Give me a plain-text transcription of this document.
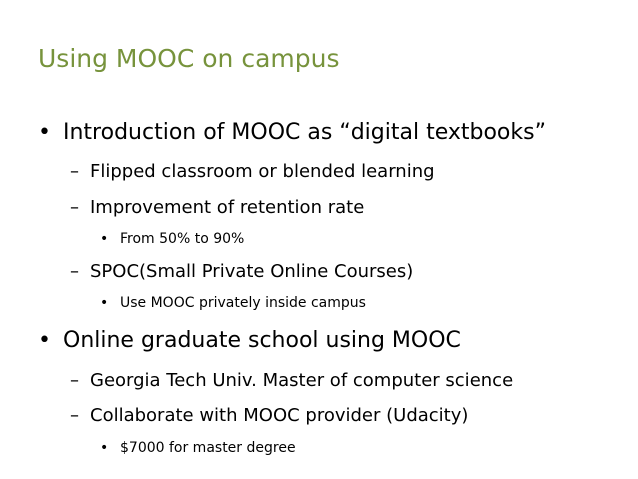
Using MOOC on campus
• Introduction of MOOC as “digital textbooks”
– Flipped classroom or blended learning
– Improvement of retention rate
• From 50% to 90%
– SPOC(Small Private Online Courses)
• Use MOOC privately inside campus
• Online graduate school using MOOC
– Georgia Tech Univ. Master of computer science
– Collaborate with MOOC provider (Udacity)
• $7000 for master degree
